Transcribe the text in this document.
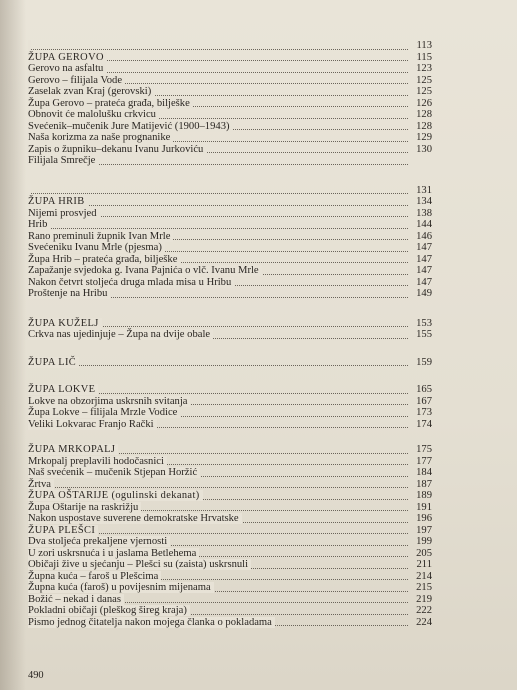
113
ŽUPA GEROVO	115
Gerovo na asfaltu	123
Gerovo – filijala Vode	125
Zaselak zvan Kraj (gerovski)	125
Župa Gerovo – prateća građa, bilješke	126
Obnovit će malolušku crkvicu	128
Svećenik–mučenik Jure Matijević (1900–1943)	128
Naša korizma za naše prognanike	129
Zapis o župniku–dekanu Ivanu Jurkoviću	130
Filijala Smrečje
131
ŽUPA HRIB	134
Nijemi prosvjed	138
Hrib	144
Rano preminuli župnik Ivan Mrle	146
Svećeniku Ivanu Mrle (pjesma)	147
Župa Hrib – prateća građa, bilješke	147
Zapažanje svjedoka g. Ivana Pajnića o vlč. Ivanu Mrle	147
Nakon četvrt stoljeća druga mlada misa u Hribu	147
Proštenje na Hribu	149
ŽUPA KUŽELJ	153
Crkva nas ujedinjuje – Župa na dvije obale	155
ŽUPA LIČ	159
ŽUPA LOKVE	165
Lokve na obzorjima uskrsnih svitanja	167
Župa Lokve – filijala Mrzle Vodice	173
Veliki Lokvarac Franjo Rački	174
ŽUPA MRKOPALJ	175
Mrkopalj preplavili hodočasnici	177
Naš svećenik – mučenik Stjepan Horžić	184
Žrtva	187
ŽUPA OŠTARIJE (ogulinski dekanat)	189
Župa Oštarije na raskrižju	191
Nakon uspostave suverene demokratske Hrvatske	196
ŽUPA PLEŠCI	197
Dva stoljeća prekaljene vjernosti	199
U zori uskrsnuća i u jaslama Betlehema	205
Običaji žive u sjećanju – Plešci su (zaista) uskrsnuli	211
Župna kuća – faroš u Plešcima	214
Župna kuća (faroš) u povijesnim mijenama	215
Božić – nekad i danas	219
Pokladni običaji (pleškog šireg kraja)	222
Pismo jednog čitatelja nakon mojega članka o pokladama	224
490
